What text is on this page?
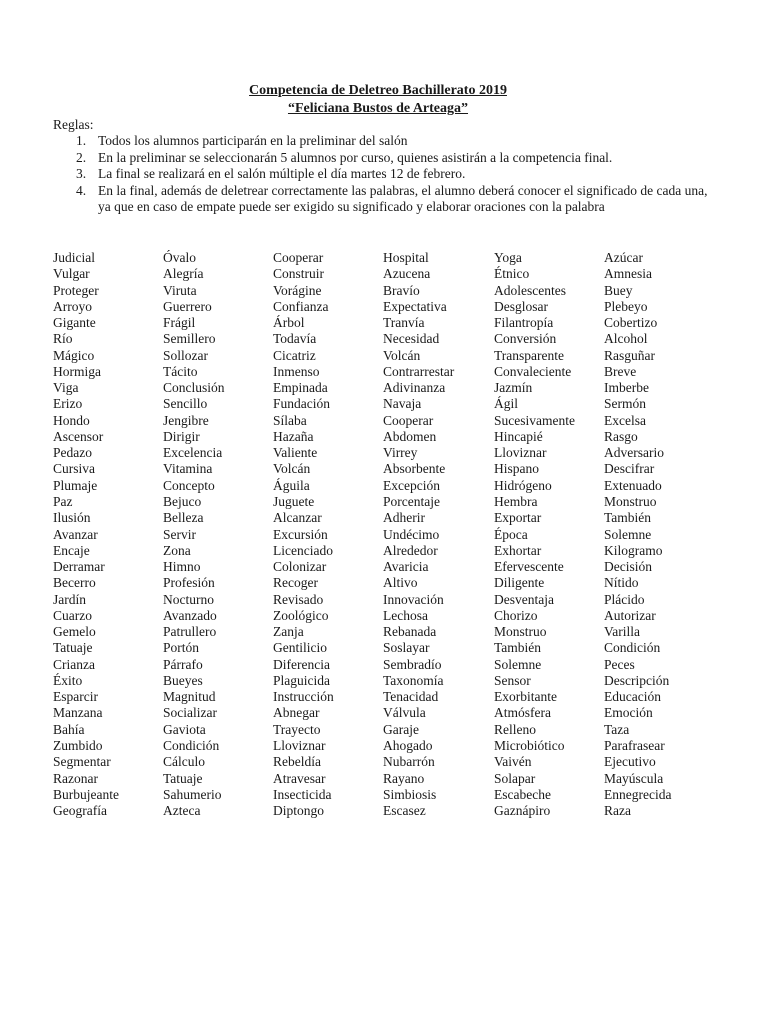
Competencia de Deletreo Bachillerato 2019
“Feliciana Bustos de Arteaga”
Reglas:
1. Todos los alumnos participarán en la preliminar del salón
2. En la preliminar se seleccionarán 5 alumnos por curso, quienes asistirán a la competencia final.
3. La final se realizará en el salón múltiple el día martes 12 de febrero.
4. En la final, además de deletrear correctamente las palabras, el alumno deberá conocer el significado de cada una, ya que en caso de empate puede ser exigido su significado y elaborar oraciones con la palabra
Judicial
Vulgar
Proteger
Arroyo
Gigante
Río
Mágico
Hormiga
Viga
Erizo
Hondo
Ascensor
Pedazo
Cursiva
Plumaje
Paz
Ilusión
Avanzar
Encaje
Derramar
Becerro
Jardín
Cuarzo
Gemelo
Tatuaje
Crianza
Éxito
Esparcir
Manzana
Bahía
Zumbido
Segmentar
Razonar
Burbujeante
Geografía
Óvalo
Alegría
Viruta
Guerrero
Frágil
Semillero
Sollozar
Tácito
Conclusión
Sencillo
Jengibre
Dirigir
Excelencia
Vitamina
Concepto
Bejuco
Belleza
Servir
Zona
Himno
Profesión
Nocturno
Avanzado
Patrullero
Portón
Párrafo
Bueyes
Magnitud
Socializar
Gaviota
Condición
Cálculo
Tatuaje
Sahumerio
Azteca
Cooperar
Construir
Vorágine
Confianza
Árbol
Todavía
Cicatriz
Inmenso
Empinada
Fundación
Sílaba
Hazaña
Valiente
Volcán
Águila
Juguete
Alcanzar
Excursión
Licenciado
Colonizar
Recoger
Revisado
Zoológico
Zanja
Gentilicio
Diferencia
Plaguicida
Instrucción
Abnegar
Trayecto
Lloviznar
Rebeldía
Atravesar
Insecticida
Diptongo
Hospital
Azucena
Bravío
Expectativa
Tranvía
Necesidad
Volcán
Contrarrestar
Adivinanza
Navaja
Cooperar
Abdomen
Virrey
Absorbente
Excepción
Porcentaje
Adherir
Undécimo
Alrededor
Avaricia
Altivo
Innovación
Lechosa
Rebanada
Soslayar
Sembradío
Taxonomía
Tenacidad
Válvula
Garaje
Ahogado
Nubarrón
Rayano
Simbiosis
Escasez
Yoga
Étnico
Adolescentes
Desglosar
Filantropía
Conversión
Transparente
Convaleciente
Jazmín
Ágil
Sucesivamente
Hincapié
Lloviznar
Hispano
Hidrógeno
Hembra
Exportar
Época
Exhortar
Efervescente
Diligente
Desventaja
Chorizo
Monstruo
También
Solemne
Sensor
Exorbitante
Atmósfera
Relleno
Microbiótico
Vaivén
Solapar
Escabeche
Gaznápiro
Azúcar
Amnesia
Buey
Plebeyo
Cobertizo
Alcohol
Rasguñar
Breve
Imberbe
Sermón
Excelsa
Rasgo
Adversario
Descifrar
Extenuado
Monstruo
También
Solemne
Kilogramo
Decisión
Nítido
Plácido
Autorizar
Varilla
Condición
Peces
Descripción
Educación
Emoción
Taza
Parafrasear
Ejecutivo
Mayúscula
Ennegrecida
Raza
